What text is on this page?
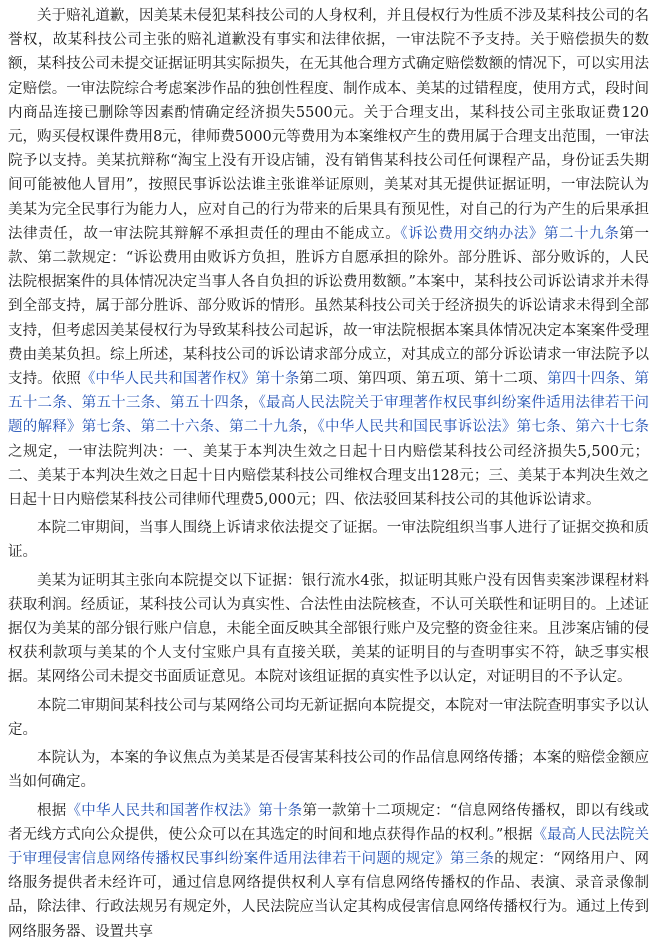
关于赔礼道歉，因美某未侵犯某科技公司的人身权利，并且侵权行为性质不涉及某科技公司的名誉权，故某科技公司主张的赔礼道歉没有事实和法律依据，一审法院不予支持。关于赔偿损失的数额，某科技公司未提交证据证明其实际损失，在无其他合理方式确定赔偿数额的情况下，可以实用法定赔偿。一审法院综合考虑案涉作品的独创性程度、制作成本、美某的过错程度，使用方式，段时间内商品连接已删除等因素酌情确定经济损失5500元。关于合理支出，某科技公司主张取证费120元，购买侵权课件费用8元，律师费5000元等费用为本案维权产生的费用属于合理支出范围，一审法院予以支持。美某抗辩称“淘宝上没有开设店铺，没有销售某科技公司任何课程产品，身份证丢失期间可能被他人冒用”，按照民事诉讼法谁主张谁举证原则，美某对其无提供证据证明，一审法院认为美某为完全民事行为能力人，应对自己的行为带来的后果具有预见性，对自己的行为产生的后果承担法律责任，故一审法院其辩解不承担责任的理由不能成立。《诉讼费用交纳办法》第二十九条第一款、第二款规定：“诉讼费用由败诉方负担，胜诉方自愿承担的除外。部分胜诉、部分败诉的，人民法院根据案件的具体情况决定当事人各自负担的诉讼费用数额。”本案中，某科技公司诉讼请求并未得到全部支持，属于部分胜诉、部分败诉的情形。虽然某科技公司关于经济损失的诉讼请求未得到全部支持，但考虑因美某侵权行为导致某科技公司起诉，故一审法院根据本案具体情况决定本案案件受理费由美某负担。综上所述，某科技公司的诉讼请求部分成立，对其成立的部分诉讼请求一审法院予以支持。依照《中华人民共和国著作权》第十条第二项、第四项、第五项、第十二项、第四十四条、第五十二条、第五十三条、第五十四条，《最高人民法院关于审理著作权民事纠纷案件适用法律若干问题的解释》第七条、第二十六条、第二十九条，《中华人民共和国民事诉讼法》第七条、第六十七条之规定，一审法院判决：一、美某于本判决生效之日起十日内赔偿某科技公司经济损失5,500元；二、美某于本判决生效之日起十日内赔偿某科技公司维权合理支出128元；三、美某于本判决生效之日起十日内赔偿某科技公司律师代理费5,000元；四、依法驳回某科技公司的其他诉讼请求。

本院二审期间，当事人围绕上诉请求依法提交了证据。一审法院组织当事人进行了证据交换和质证。

美某为证明其主张向本院提交以下证据：银行流水4张，拟证明其账户没有因售卖案涉课程材料获取利润。经质证，某科技公司认为真实性、合法性由法院核查，不认可关联性和证明目的。上述证据仅为美某的部分银行账户信息，未能全面反映其全部银行账户及完整的资金往来。且涉案店铺的侵权获利款项与美某的个人支付宝账户具有直接关联，美某的证明目的与查明事实不符，缺乏事实根据。某网络公司未提交书面质证意见。本院对该组证据的真实性予以认定，对证明目的不予认定。

本院二审期间某科技公司与某网络公司均无新证据向本院提交，本院对一审法院查明事实予以认定。

本院认为，本案的争议焦点为美某是否侵害某科技公司的作品信息网络传播；本案的赔偿金额应当如何确定。

根据《中华人民共和国著作权法》第十条第一款第十二项规定：“信息网络传播权，即以有线或者无线方式向公众提供，使公众可以在其选定的时间和地点获得作品的权利。”根据《最高人民法院关于审理侵害信息网络传播权民事纠纷案件适用法律若干问题的规定》第三条的规定：“网络用户、网络服务提供者未经许可，通过信息网络提供权利人享有信息网络传播权的作品、表演、录音录像制品，除法律、行政法规另有规定外，人民法院应当认定其构成侵害信息网络传播权行为。通过上传到网络服务器、设置共享
